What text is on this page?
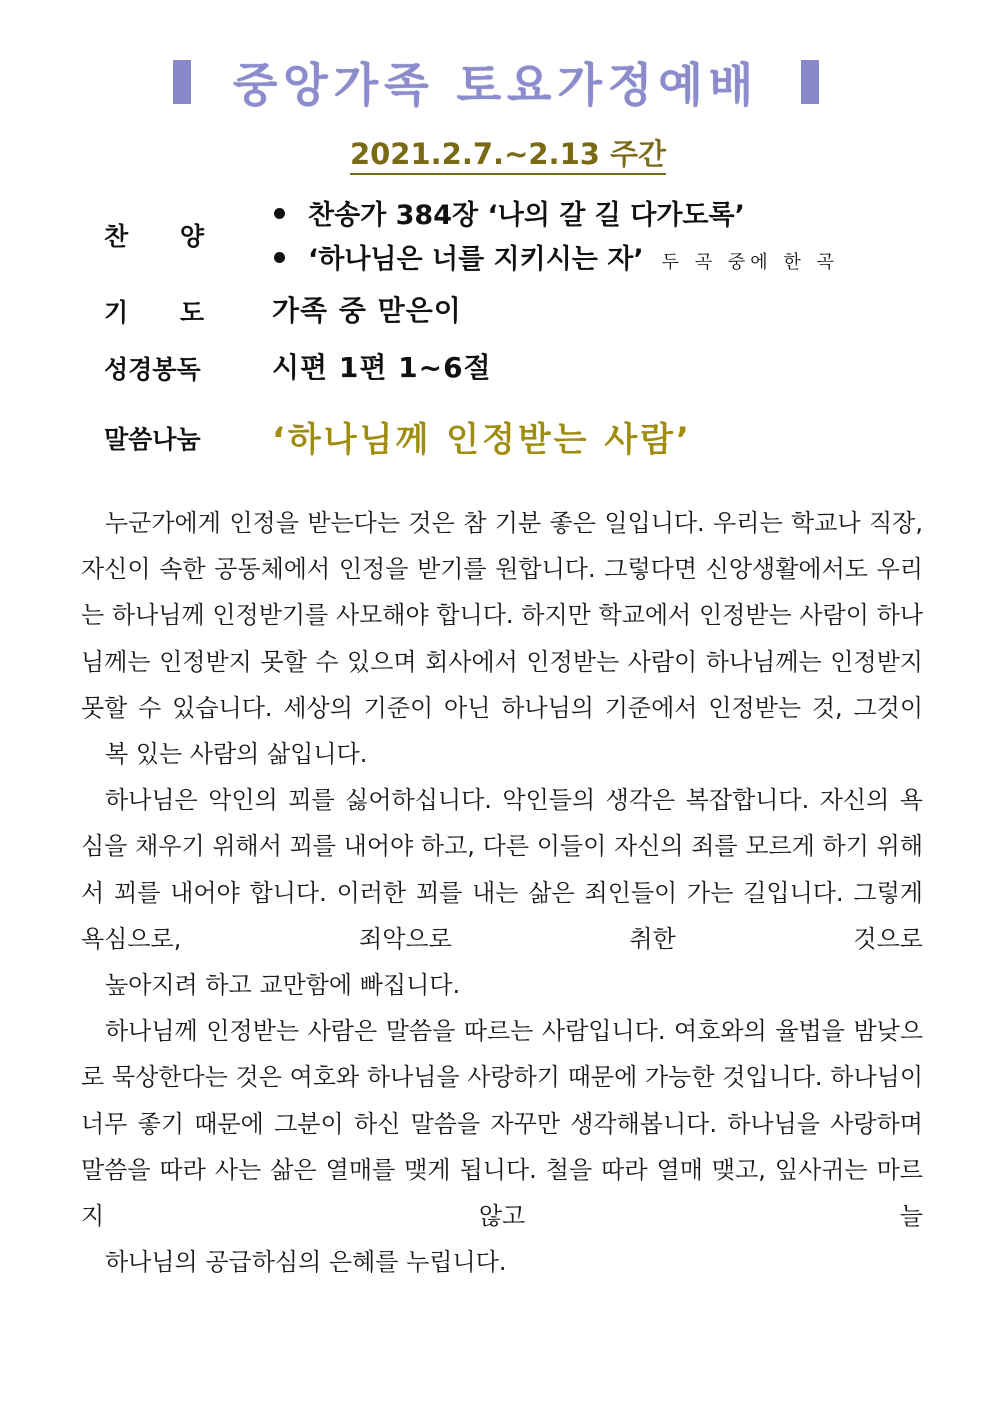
중앙가족 토요가정예배
2021.2.7.~2.13 주간
찬 양
찬송가 384장 ‘나의 갈 길 다가도록’
‘하나님은 너를 지키시는 자’ 두 곡 중에 한 곡
기 도 가족 중 맏은이
성경봉독	시편 1편 1~6절
말씀나눔	‘하나님께 인정받는 사람’

누군가에게 인정을 받는다는 것은 참 기분 좋은 일입니다. 우리는 학교나 직장, 자신이 속한 공동체에서 인정을 받기를 원합니다. 그렇다면 신앙생활에서도 우리는 하나님께 인정받기를 사모해야 합니다. 하지만 학교에서 인정받는 사람이 하나님께는 인정받지 못할 수 있으며 회사에서 인정받는 사람이 하나님께는 인정받지 못할 수 있습니다. 세상의 기준이 아닌 하나님의 기준에서 인정받는 것, 그것이
복 있는 사람의 삶입니다.

하나님은 악인의 꾀를 싫어하십니다. 악인들의 생각은 복잡합니다. 자신의 욕심을 채우기 위해서 꾀를 내어야 하고, 다른 이들이 자신의 죄를 모르게 하기 위해서 꾀를 내어야 합니다. 이러한 꾀를 내는 삶은 죄인들이 가는 길입니다. 그렇게 욕심으로, 죄악으로 취한 것으로
높아지려 하고 교만함에 빠집니다.

하나님께 인정받는 사람은 말씀을 따르는 사람입니다. 여호와의 율법을 밤낮으로 묵상한다는 것은 여호와 하나님을 사랑하기 때문에 가능한 것입니다. 하나님이 너무 좋기 때문에 그분이 하신 말씀을 자꾸만 생각해봅니다. 하나님을 사랑하며 말씀을 따라 사는 삶은 열매를 맺게 됩니다. 철을 따라 열매 맺고, 잎사귀는 마르지 않고 늘
하나님의 공급하심의 은혜를 누립니다.
